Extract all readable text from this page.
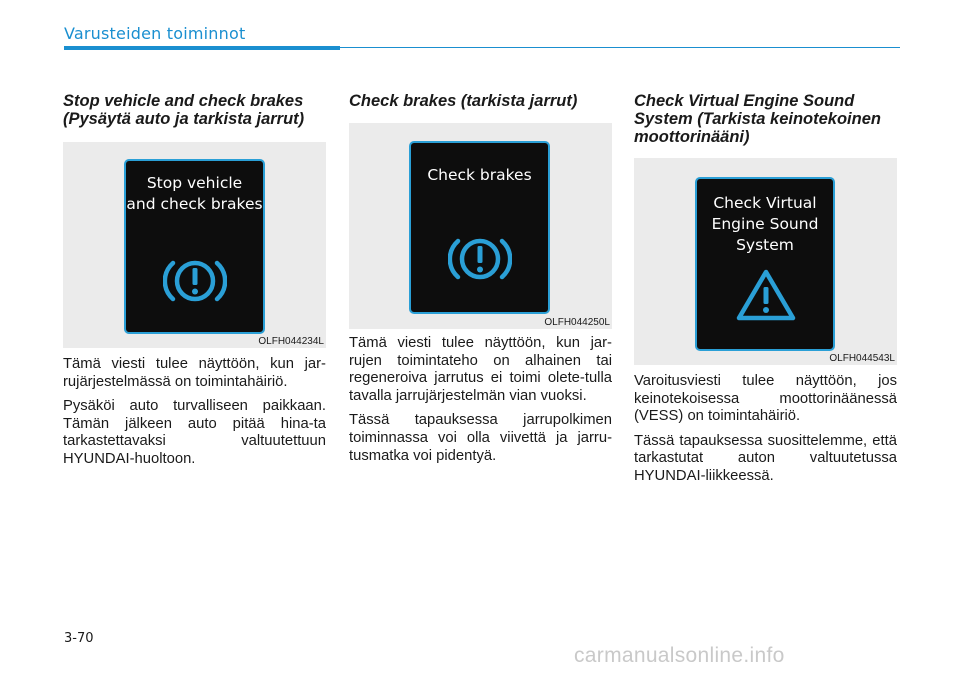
Varusteiden toiminnot
Stop vehicle and check brakes
(Pysäytä auto ja tarkista jarrut)
Stop vehicle
and check brakes
OLFH044234L

Tämä viesti tulee näyttöön, kun jar-rujärjestelmässä on toimintahäiriö.

Pysäköi auto turvalliseen paikkaan. Tämän jälkeen auto pitää hina-ta tarkastettavaksi valtuutettuun HYUNDAI-huoltoon.

Check brakes (tarkista jarrut)
Check brakes
OLFH044250L

Tämä viesti tulee näyttöön, kun jar-rujen toimintateho on alhainen tai regeneroiva jarrutus ei toimi olete-tulla tavalla jarrujärjestelmän vian vuoksi.

Tässä tapauksessa jarrupolkimen toiminnassa voi olla viivettä ja jarru-tusmatka voi pidentyä.

Check Virtual Engine Sound
System (Tarkista keinotekoinen
moottorinääni)
Check Virtual
Engine Sound
System
OLFH044543L

Varoitusviesti tulee näyttöön, jos keinotekoisessa moottorinäänessä (VESS) on toimintahäiriö.

Tässä tapauksessa suosittelemme, että tarkastutat auton valtuutetussa HYUNDAI-liikkeessä.

3-70
carmanualsonline.info
